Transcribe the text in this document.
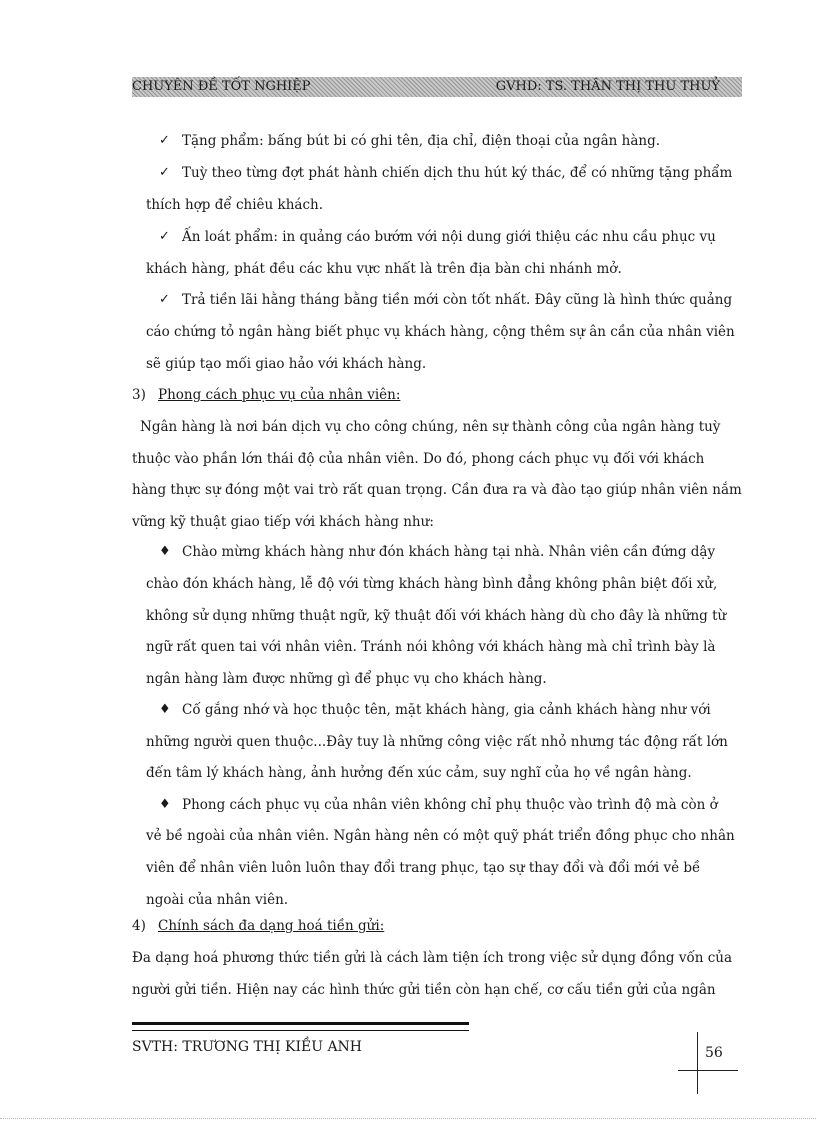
CHUYÊN ĐỀ TỐT NGHIỆP	GVHD: TS. THÂN THỊ THU THUỶ
✓ Tặng phẩm: bấng bút bi có ghi tên, địa chỉ, điện thoại của ngân hàng.
✓ Tuỳ theo từng đợt phát hành chiến dịch thu hút ký thác, để có những tặng phẩm
thích hợp để chiêu khách.
✓ Ấn loát phẩm: in quảng cáo bướm với nội dung giới thiệu các nhu cầu phục vụ
khách hàng, phát đều các khu vực nhất là trên địa bàn chi nhánh mở.
✓ Trả tiền lãi hằng tháng bằng tiền mới còn tốt nhất. Đây cũng là hình thức quảng
cáo chứng tỏ ngân hàng biết phục vụ khách hàng, cộng thêm sự ân cần của nhân viên
sẽ giúp tạo mối giao hảo với khách hàng.
3) Phong cách phục vụ của nhân viên:
Ngân hàng là nơi bán dịch vụ cho công chúng, nên sự thành công của ngân hàng tuỳ
thuộc vào phần lớn thái độ của nhân viên. Do đó, phong cách phục vụ đối với khách
hàng thực sự đóng một vai trò rất quan trọng. Cần đưa ra và đào tạo giúp nhân viên nắm
vững kỹ thuật giao tiếp với khách hàng như:
♦ Chào mừng khách hàng như đón khách hàng tại nhà. Nhân viên cần đứng dậy
chào đón khách hàng, lễ độ với từng khách hàng bình đẳng không phân biệt đối xử,
không sử dụng những thuật ngữ, kỹ thuật đối với khách hàng dù cho đây là những từ
ngữ rất quen tai với nhân viên. Tránh nói không với khách hàng mà chỉ trình bày là
ngân hàng làm được những gì để phục vụ cho khách hàng.
♦ Cố gắng nhớ và học thuộc tên, mặt khách hàng, gia cảnh khách hàng như với
những người quen thuộc...Đây tuy là những công việc rất nhỏ nhưng tác động rất lớn
đến tâm lý khách hàng, ảnh hưởng đến xúc cảm, suy nghĩ của họ về ngân hàng.
♦ Phong cách phục vụ của nhân viên không chỉ phụ thuộc vào trình độ mà còn ở
vẻ bề ngoài của nhân viên. Ngân hàng nên có một quỹ phát triển đồng phục cho nhân
viên để nhân viên luôn luôn thay đổi trang phục, tạo sự thay đổi và đổi mới vẻ bề
ngoài của nhân viên.
4) Chính sách đa dạng hoá tiền gửi:
Đa dạng hoá phương thức tiền gửi là cách làm tiện ích trong việc sử dụng đồng vốn của
người gửi tiền. Hiện nay các hình thức gửi tiền còn hạn chế, cơ cấu tiền gửi của ngân
SVTH: TRƯƠNG THỊ KIỀU ANH	56
